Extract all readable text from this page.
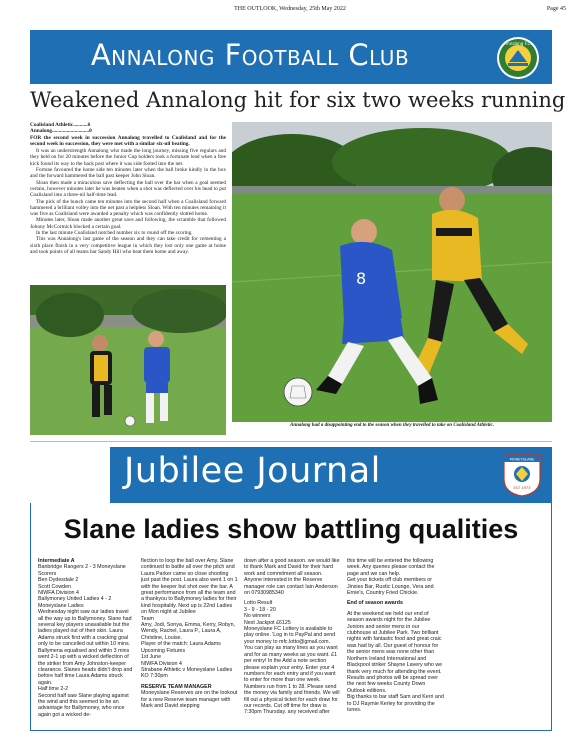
THE OUTLOOK, Wednesday, 25th May 2022	Page 45
Annalong Football Club	Annalong F.C.
Weakened Annalong hit for six two weeks running
Coalisland Athletic...........6
Annalong............................0
FOR the second week in succession Annalong travelled to Coalisland and for the second week in succession, they were met with a similar six-nil beating.

It was an understrength Annalong who made the long journey, missing five regulars and they held on for 20 minutes before the Junior Cup holders took a fortunate lead when a free kick found its way to the back post where it was side footed into the net.

Fortune favoured the home side ten minutes later when the ball broke kindly in the box and the forward hammered the ball past keeper John Sloan.

Sloan then made a miraculous save deflecting the ball over the bar when a goal seemed certain, however minutes later he was beaten when a shot was deflected over his head to put Coalisland into a three-nil half-time lead.

The pick of the bunch came ten minutes into the second half when a Coalisland forward hammered a brilliant volley into the net past a helpless Sloan. With ten minutes remaining it was five as Coalisland were awarded a penalty which was confidently slotted home.

Minutes later, Sloan made another great save and following, the scramble that followed Johnny McCormick blocked a certain goal.

In the last minute Coalisland notched number six to round off the scoring.

This was Annalong's last game of the season and they can take credit for cementing a sixth place finish in a very competitive league in which they lost only one game at home and took points of all teams bar Sandy Hill who beat them home and away.

8
Annalong had a disappointing end to the season when they travelled to take on Coalisland Athletic.
Jubilee Journal	MONEYSLANE
EST 1973
Slane ladies show battling qualities
Intermediate A
Banbridge Rangers 2 - 3 Moneyslane
Scorers
Ben Dydesdale 2
Scott Cowden
NIWFA Division 4
Ballymoney United Ladies 4 - 2 Moneyslane Ladies
Wednesday night saw our ladies travel all the way up to Ballymoney. Slane had several key players unavailable but the ladies played out of their skin. Laura Adams struck first with a cracking goal only to be cancelled out within 10 mins. Ballymena equalised and within 3 mins went 2-1 up with a wicked deflection of the striker from Amy Johnston-keeper clearance. Slanes heads didn't drop and before half time Laura Adams struck again.
Half time 2-2
Second half saw Slane playing against the wind and this seemed to be an advantage for Ballymoney, who once again got a wicked de-
flection to loop the ball over Amy. Slane continued to battle all over the pitch and Laura Parker came so close shooting just past the post. Laura also went 1 on 1 with the keeper but shot over the bar. A great performance from all the team and a thankyou to Ballymoney ladies for their kind hospitality. Next up is 22nd Ladies on Mon night at Jubilee
Team
Amy, Jodi, Sonya, Emma, Kerry, Robyn, Wendy, Rachel, Laura P., Laura A, Christine, Louise.
Player of the match: Laura Adams
Upcoming Fixtures
1st June
NIWFA Division 4
Strabane Athletic v Moneyslane Ladies
KO 7:30pm
RESERVE TEAM MANAGER
Moneyslane Reserves are on the lookout for a new Reserve team manager with Mark and David stepping
down after a good season. we would like to thank Mark and David for their hard work and commitment all season. Anyone interested in the Reserve manager role can contact Iain Anderson on 07930985340
Lotto Result
3 - 9 - 18 - 20
No winners
Next Jackpot £6125
Moneyslane FC Lottery is available to play online. 'Log in to PayPal and send your money to mfc.lotto@gmail.com.
You can play as many lines as you want and for as many weeks as you want. £1 per entry! In the Add a note section please explain your entry. Enter your 4 numbers for each entry and if you want to enter for more than one week. Numbers run from 1 to 28. Please send the money via family and friends. We will fill out a physical ticket for each draw for our records. Cut off time for draw is 7:30pm Thursday. any received after
this time will be entered the following week. Any queries please contact the page and we can help.
Get your tickets off club members or Jinxies Bar, Rustic Lounge, Vera and Ernie's, Country Fried Chickie.
End of season awards
At the weekend we held our end of season awards night for the Jubilee Juniors and senior mens in our clubhouse at Jubilee Park. Two brilliant nights with fantastic food and great craic was had by all. Our guest of honour for the senior mens was none other than Northern Ireland International and Blackpool striker Shayne Lavery who we thank very much for attending the event.
Results and photos will be spread over the next few weeks County Down Outlook editions.
Big thanks to bar staff Sam and Kerri and to DJ Raymie Kerley for providing the tunes.
